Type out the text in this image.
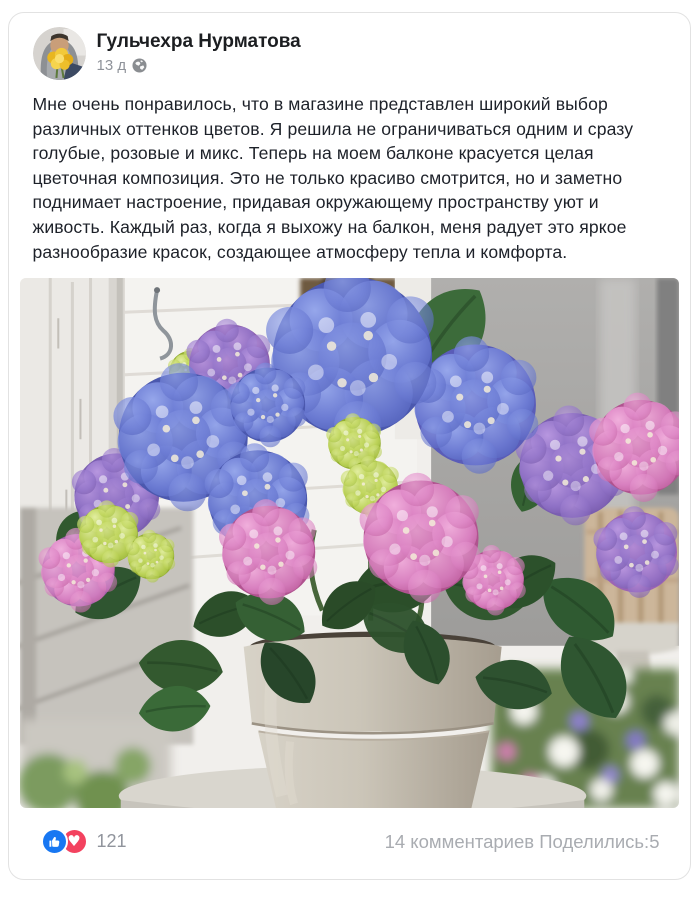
Гульчехра Нурматова
13 д
Мне очень понравилось, что в магазине представлен широкий выбор различных оттенков цветов. Я решила не ограничиваться одним и сразу голубые, розовые и микс. Теперь на моем балконе красуется целая цветочная композиция. Это не только красиво смотрится, но и заметно поднимает настроение, придавая окружающему пространству уют и живость. Каждый раз, когда я выхожу на балкон, меня радует это яркое разнообразие красок, создающее атмосферу тепла и комфорта.
♥ 121	14 комментариев Поделились:5
